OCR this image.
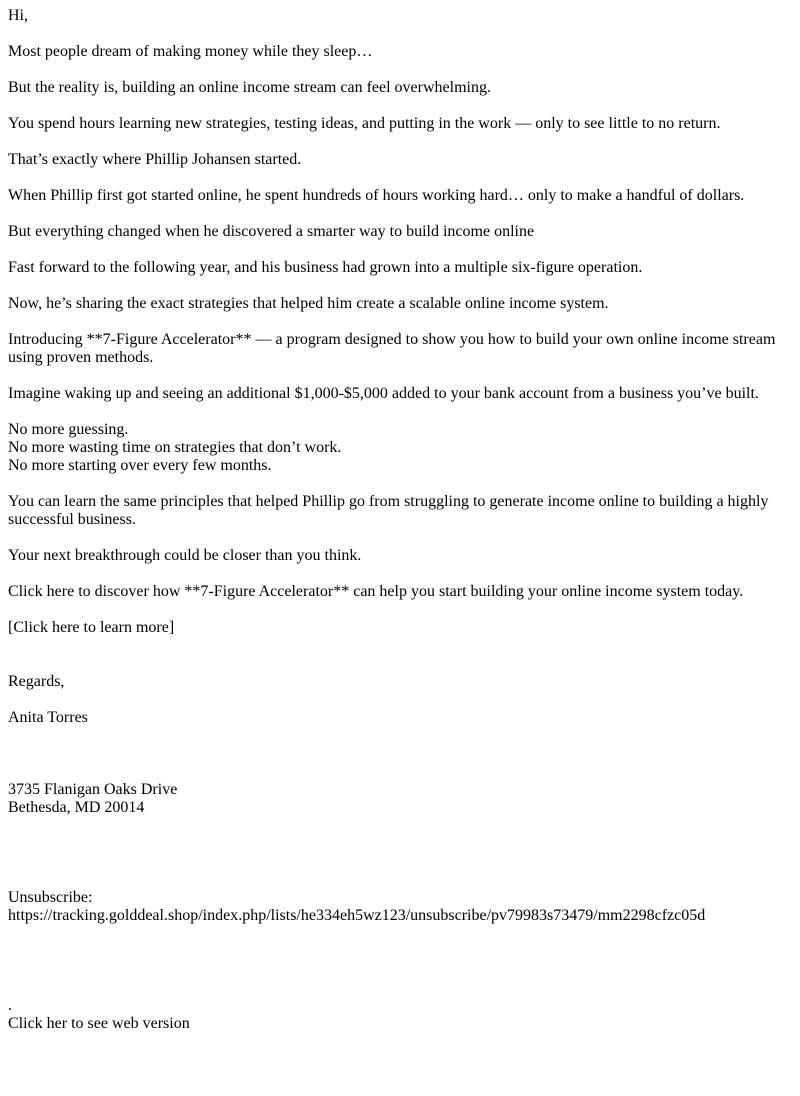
Hi,

Most people dream of making money while they sleep…

But the reality is, building an online income stream can feel overwhelming.

You spend hours learning new strategies, testing ideas, and putting in the work — only to see little to no return.

That’s exactly where Phillip Johansen started.

When Phillip first got started online, he spent hundreds of hours working hard… only to make a handful of dollars.

But everything changed when he discovered a smarter way to build income online

Fast forward to the following year, and his business had grown into a multiple six-figure operation.

Now, he’s sharing the exact strategies that helped him create a scalable online income system.

Introducing **7-Figure Accelerator** — a program designed to show you how to build your own online income stream using proven methods.

Imagine waking up and seeing an additional $1,000-$5,000 added to your bank account from a business you’ve built.

No more guessing.
No more wasting time on strategies that don’t work.
No more starting over every few months.

You can learn the same principles that helped Phillip go from struggling to generate income online to building a highly successful business.

Your next breakthrough could be closer than you think.

Click here to discover how **7-Figure Accelerator** can help you start building your online income system today.

[Click here to learn more]

Regards,

Anita Torres

3735 Flanigan Oaks Drive
Bethesda, MD 20014

Unsubscribe:
https://tracking.golddeal.shop/index.php/lists/he334eh5wz123/unsubscribe/pv79983s73479/mm2298cfzc05d

.
Click her to see web version
